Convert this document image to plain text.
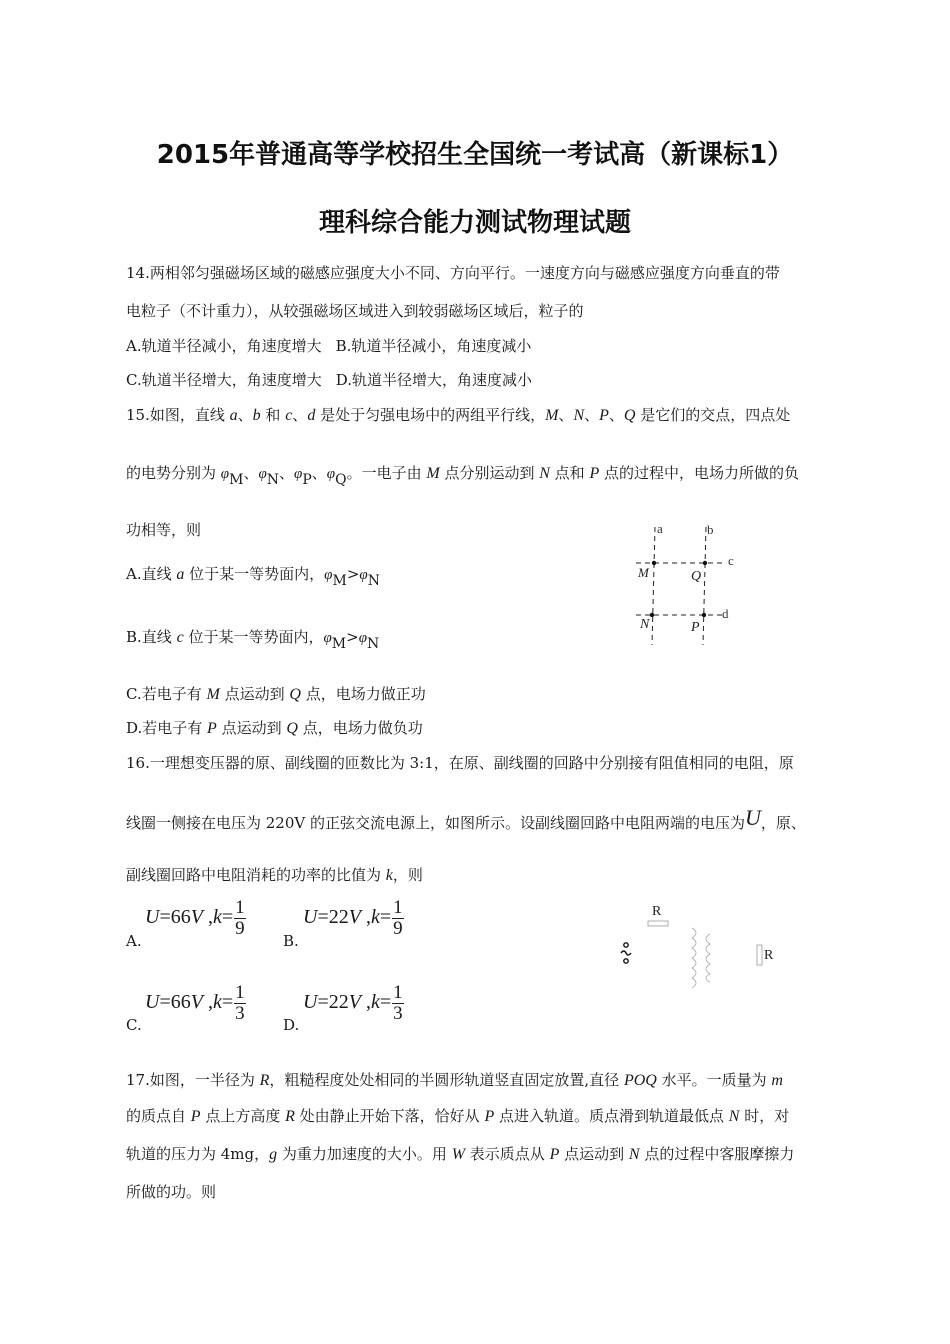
2015年普通高等学校招生全国统一考试高（新课标1）
理科综合能力测试物理试题
14.两相邻匀强磁场区域的磁感应强度大小不同、方向平行。一速度方向与磁感应强度方向垂直的带
电粒子（不计重力），从较强磁场区域进入到较弱磁场区域后，粒子的
A.轨道半径减小，角速度增大 B.轨道半径减小，角速度减小
C.轨道半径增大，角速度增大 D.轨道半径增大，角速度减小
15.如图，直线 a、b 和 c、d 是处于匀强电场中的两组平行线，M、N、P、Q 是它们的交点，四点处
的电势分别为 φM、φN、φP、φQ。一电子由 M 点分别运动到 N 点和 P 点的过程中，电场力所做的负
功相等，则
A.直线 a 位于某一等势面内，φM>φN
B.直线 c 位于某一等势面内，φM>φN
C.若电子有 M 点运动到 Q 点，电场力做正功
D.若电子有 P 点运动到 Q 点，电场力做负功
a	b
c
d
M	Q
N	P
16.一理想变压器的原、副线圈的匝数比为 3:1，在原、副线圈的回路中分别接有阻值相同的电阻，原
线圈一侧接在电压为 220V 的正弦交流电源上，如图所示。设副线圈回路中电阻两端的电压为U，原、
副线圈回路中电阻消耗的功率的比值为 k，则
A.
U=66V $,k= \frac{1}{9}$
B.
U=22V $,k= \frac{1}{9}$
C.
U=66V $,k= \frac{1}{3}$
D.
U=22V $,k= \frac{1}{3}$
R
R
17.如图，一半径为 R，粗糙程度处处相同的半圆形轨道竖直固定放置,直径 POQ 水平。一质量为 m
的质点自 P 点上方高度 R 处由静止开始下落，恰好从 P 点进入轨道。质点滑到轨道最低点 N 时，对
轨道的压力为 4mg，g 为重力加速度的大小。用 W 表示质点从 P 点运动到 N 点的过程中客服摩擦力
所做的功。则
